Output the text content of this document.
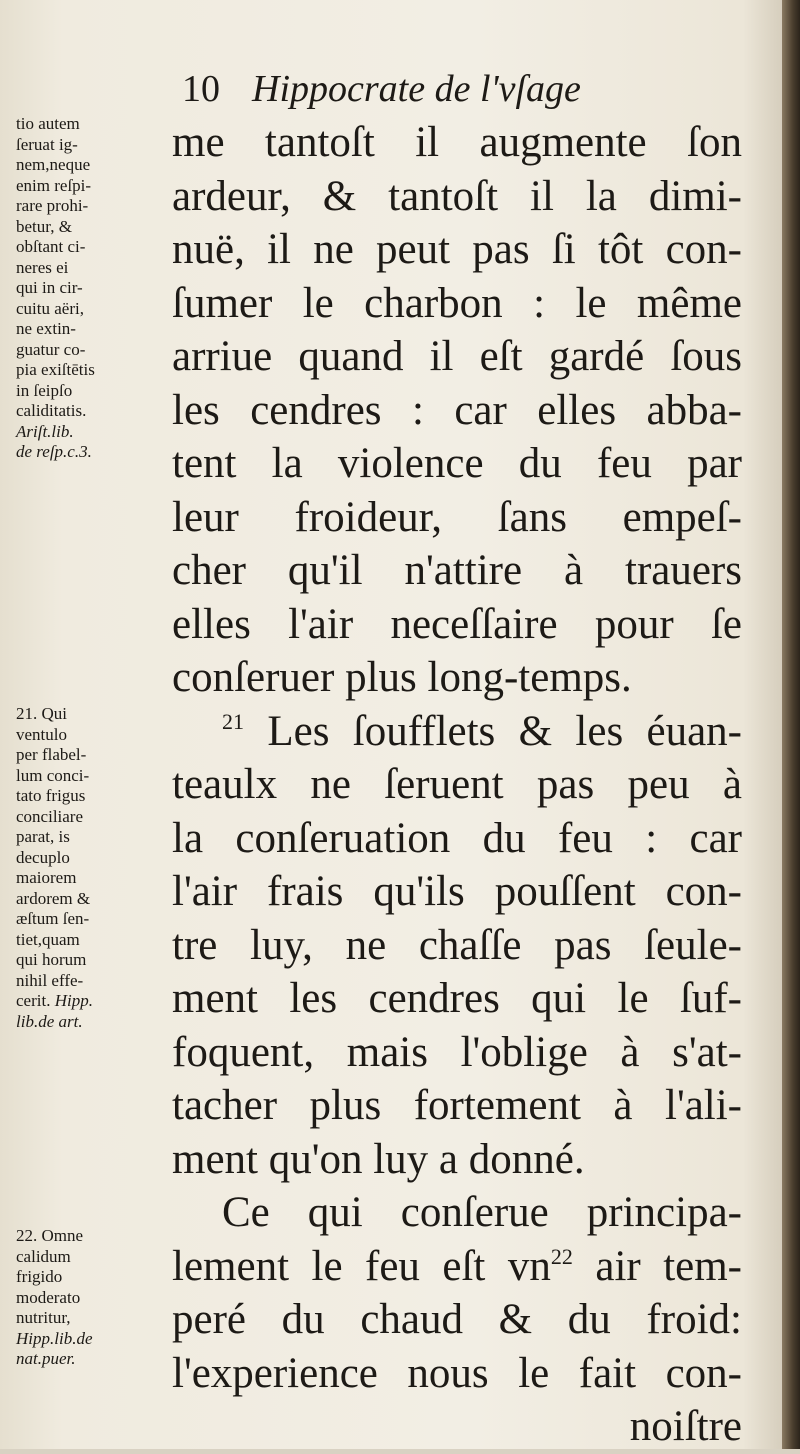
10 Hippocrate de l'vſage
me tantoſt il augmente ſon
ardeur, & tantoſt il la dimi-
nuë, il ne peut pas ſi tôt con-
ſumer le charbon : le même
arriue quand il eſt gardé ſous
les cendres : car elles abba-
tent la violence du feu par
leur froideur, ſans empeſ-
cher qu'il n'attire à trauers
elles l'air neceſſaire pour ſe
conſeruer plus long-temps.
$^{21}$ Les ſoufflets & les éuan-
teaulx ne ſeruent pas peu à
la conſeruation du feu : car
l'air frais qu'ils pouſſent con-
tre luy, ne chaſſe pas ſeule-
ment les cendres qui le ſuf-
foquent, mais l'oblige à s'at-
tacher plus fortement à l'ali-
ment qu'on luy a donné.
Ce qui conſerue principa-
lement le feu eſt $vn^{22}$ air tem-
peré du chaud & du froid:
l'experience nous le fait con-
noiſtre
tio autem
ſeruat ig-
nem,neque
enim reſpi-
rare prohi-
betur, &
obſtant ci-
neres ei
qui in cir-
cuitu aëri,
ne extin-
guatur co-
pia exiſtētis
in ſeipſo
caliditatis.
Ariſt.lib.
de reſp.c.3.
21. Qui
ventulo
per flabel-
lum conci-
tato frigus
conciliare
parat, is
decuplo
maiorem
ardorem &
æſtum ſen-
tiet,quam
qui horum
nihil effe-
cerit. Hipp.
lib.de art.
22. Omne
calidum
frigido
moderato
nutritur,
Hipp.lib.de
nat.puer.
